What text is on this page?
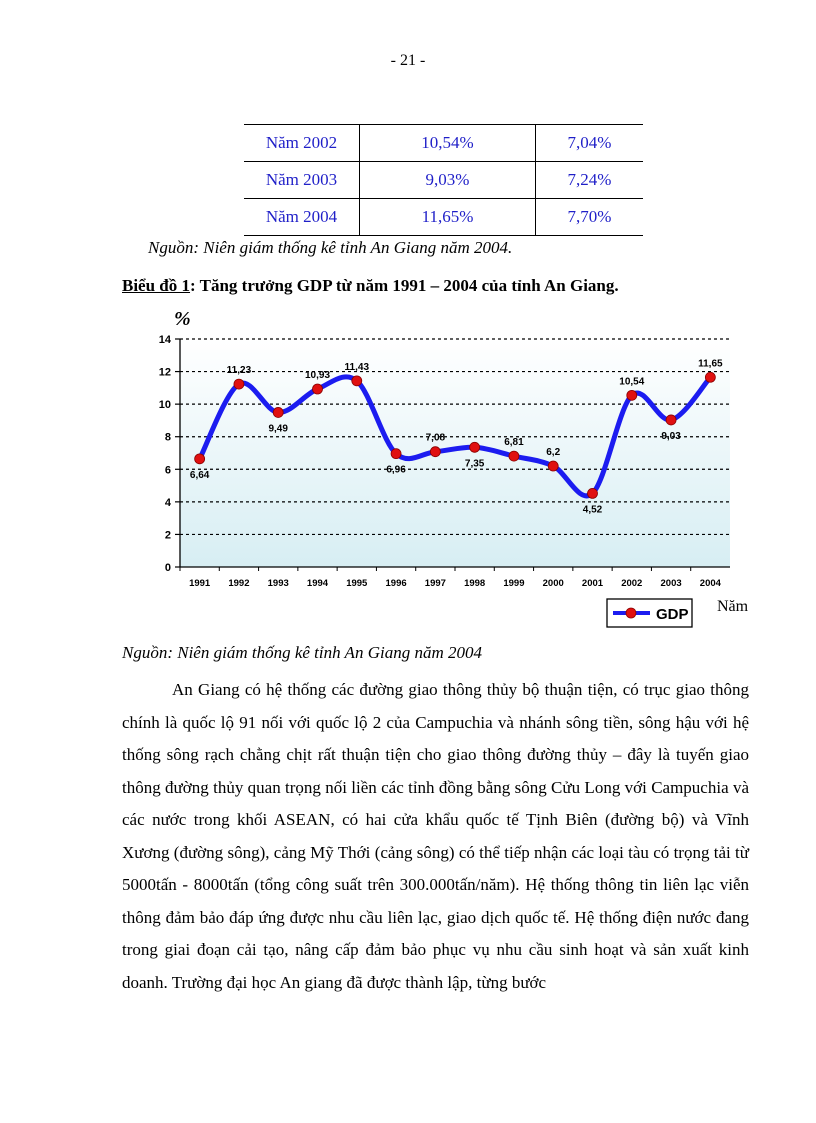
- 21 -
Năm 2002	10,54%	7,04%
Năm 2003	9,03%	7,24%
Năm 2004	11,65%	7,70%
Nguồn: Niên giám thống kê tỉnh An Giang năm 2004.
Biểu đồ 1: Tăng trưởng GDP từ năm 1991 – 2004 của tỉnh An Giang.
0
2
4
6
8
10
12
14
1991 1992 1993 1994 1995 1996 1997 1998 1999 2000 2001 2002 2003 2004
6,64
11,23
9,49
10,93
11,43
6,96
7,08
7,35
6,81
6,2
4,52
10,54
9,03
11,65
%
Năm
GDP
Nguồn: Niên giám thống kê tỉnh An Giang năm 2004

An Giang có hệ thống các đường giao thông thủy bộ thuận tiện, có trục giao thông chính là quốc lộ 91 nối với quốc lộ 2 của Campuchia và nhánh sông tiền, sông hậu với hệ thống sông rạch chằng chịt rất thuận tiện cho giao thông đường thủy – đây là tuyến giao thông đường thủy quan trọng nối liền các tỉnh đồng bằng sông Cửu Long với Campuchia và các nước trong khối ASEAN, có hai cửa khẩu quốc tế Tịnh Biên (đường bộ) và Vĩnh Xương (đường sông), cảng Mỹ Thới (cảng sông) có thể tiếp nhận các loại tàu có trọng tải từ 5000tấn - 8000tấn (tổng công suất trên 300.000tấn/năm). Hệ thống thông tin liên lạc viễn thông đảm bảo đáp ứng được nhu cầu liên lạc, giao dịch quốc tế. Hệ thống điện nước đang trong giai đoạn cải tạo, nâng cấp đảm bảo phục vụ nhu cầu sinh hoạt và sản xuất kinh doanh. Trường đại học An giang đã được thành lập, từng bước
